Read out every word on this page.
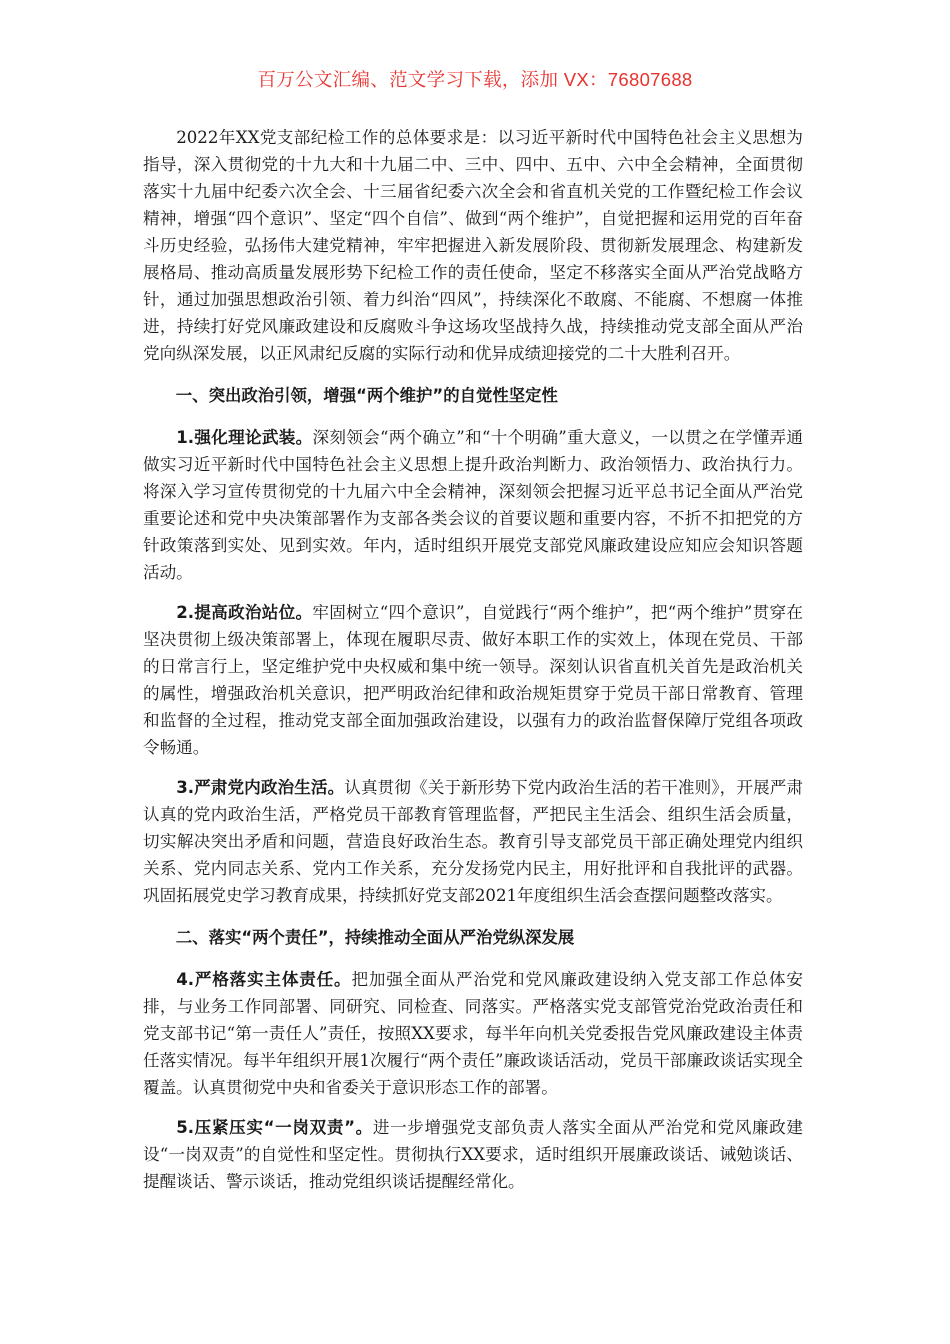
百万公文汇编、范文学习下载，添加 VX：76807688

2022年XX党支部纪检工作的总体要求是：以习近平新时代中国特色社会主义思想为指导，深入贯彻党的十九大和十九届二中、三中、四中、五中、六中全会精神，全面贯彻落实十九届中纪委六次全会、十三届省纪委六次全会和省直机关党的工作暨纪检工作会议精神，增强“四个意识”、坚定“四个自信”、做到“两个维护”，自觉把握和运用党的百年奋斗历史经验，弘扬伟大建党精神，牢牢把握进入新发展阶段、贯彻新发展理念、构建新发展格局、推动高质量发展形势下纪检工作的责任使命，坚定不移落实全面从严治党战略方针，通过加强思想政治引领、着力纠治“四风”，持续深化不敢腐、不能腐、不想腐一体推进，持续打好党风廉政建设和反腐败斗争这场攻坚战持久战，持续推动党支部全面从严治党向纵深发展，以正风肃纪反腐的实际行动和优异成绩迎接党的二十大胜利召开。

一、突出政治引领，增强“两个维护”的自觉性坚定性

1.强化理论武装。深刻领会“两个确立”和“十个明确”重大意义，一以贯之在学懂弄通做实习近平新时代中国特色社会主义思想上提升政治判断力、政治领悟力、政治执行力。将深入学习宣传贯彻党的十九届六中全会精神，深刻领会把握习近平总书记全面从严治党重要论述和党中央决策部署作为支部各类会议的首要议题和重要内容，不折不扣把党的方针政策落到实处、见到实效。年内，适时组织开展党支部党风廉政建设应知应会知识答题活动。

2.提高政治站位。牢固树立“四个意识”，自觉践行“两个维护”，把“两个维护”贯穿在坚决贯彻上级决策部署上，体现在履职尽责、做好本职工作的实效上，体现在党员、干部的日常言行上，坚定维护党中央权威和集中统一领导。深刻认识省直机关首先是政治机关的属性，增强政治机关意识，把严明政治纪律和政治规矩贯穿于党员干部日常教育、管理和监督的全过程，推动党支部全面加强政治建设，以强有力的政治监督保障厅党组各项政令畅通。

3.严肃党内政治生活。认真贯彻《关于新形势下党内政治生活的若干准则》，开展严肃认真的党内政治生活，严格党员干部教育管理监督，严把民主生活会、组织生活会质量，切实解决突出矛盾和问题，营造良好政治生态。教育引导支部党员干部正确处理党内组织关系、党内同志关系、党内工作关系，充分发扬党内民主，用好批评和自我批评的武器。巩固拓展党史学习教育成果，持续抓好党支部2021年度组织生活会查摆问题整改落实。

二、落实“两个责任”，持续推动全面从严治党纵深发展

4.严格落实主体责任。把加强全面从严治党和党风廉政建设纳入党支部工作总体安排，与业务工作同部署、同研究、同检查、同落实。严格落实党支部管党治党政治责任和党支部书记“第一责任人”责任，按照XX要求，每半年向机关党委报告党风廉政建设主体责任落实情况。每半年组织开展1次履行“两个责任”廉政谈话活动，党员干部廉政谈话实现全覆盖。认真贯彻党中央和省委关于意识形态工作的部署。

5.压紧压实“一岗双责”。进一步增强党支部负责人落实全面从严治党和党风廉政建设“一岗双责”的自觉性和坚定性。贯彻执行XX要求，适时组织开展廉政谈话、诫勉谈话、提醒谈话、警示谈话，推动党组织谈话提醒经常化。
